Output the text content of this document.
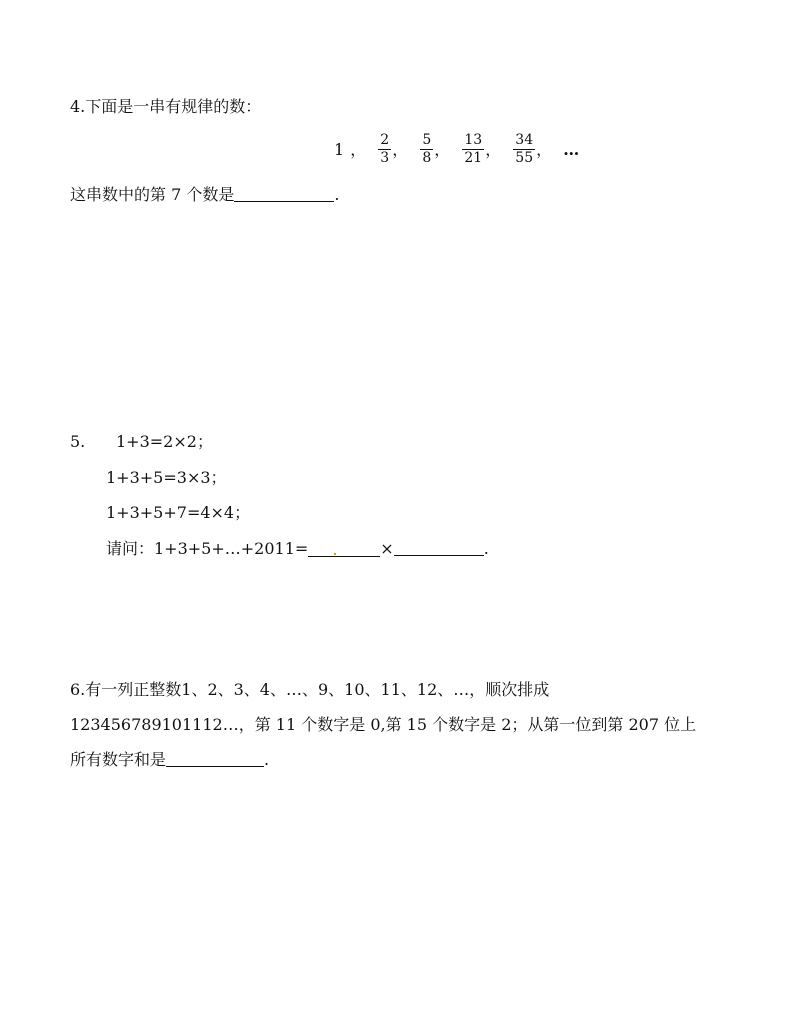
4.下面是一串有规律的数：
1 ， $\frac{2}{3}$ ， $\frac{5}{8}$ ， $\frac{13}{21}$ ， $\frac{34}{55}$ ， …
这串数中的第 7 个数是	.
5. 1+3=2×2；
1+3+5=3×3；
1+3+5+7=4×4；
请问：1+3+5+…+2011=	×	.
6.有一列正整数1、2、3、4、…、9、10、11、12、…，顺次排成
123456789101112…，第 11 个数字是 0,第 15 个数字是 2；从第一位到第 207 位上
所有数字和是	.
